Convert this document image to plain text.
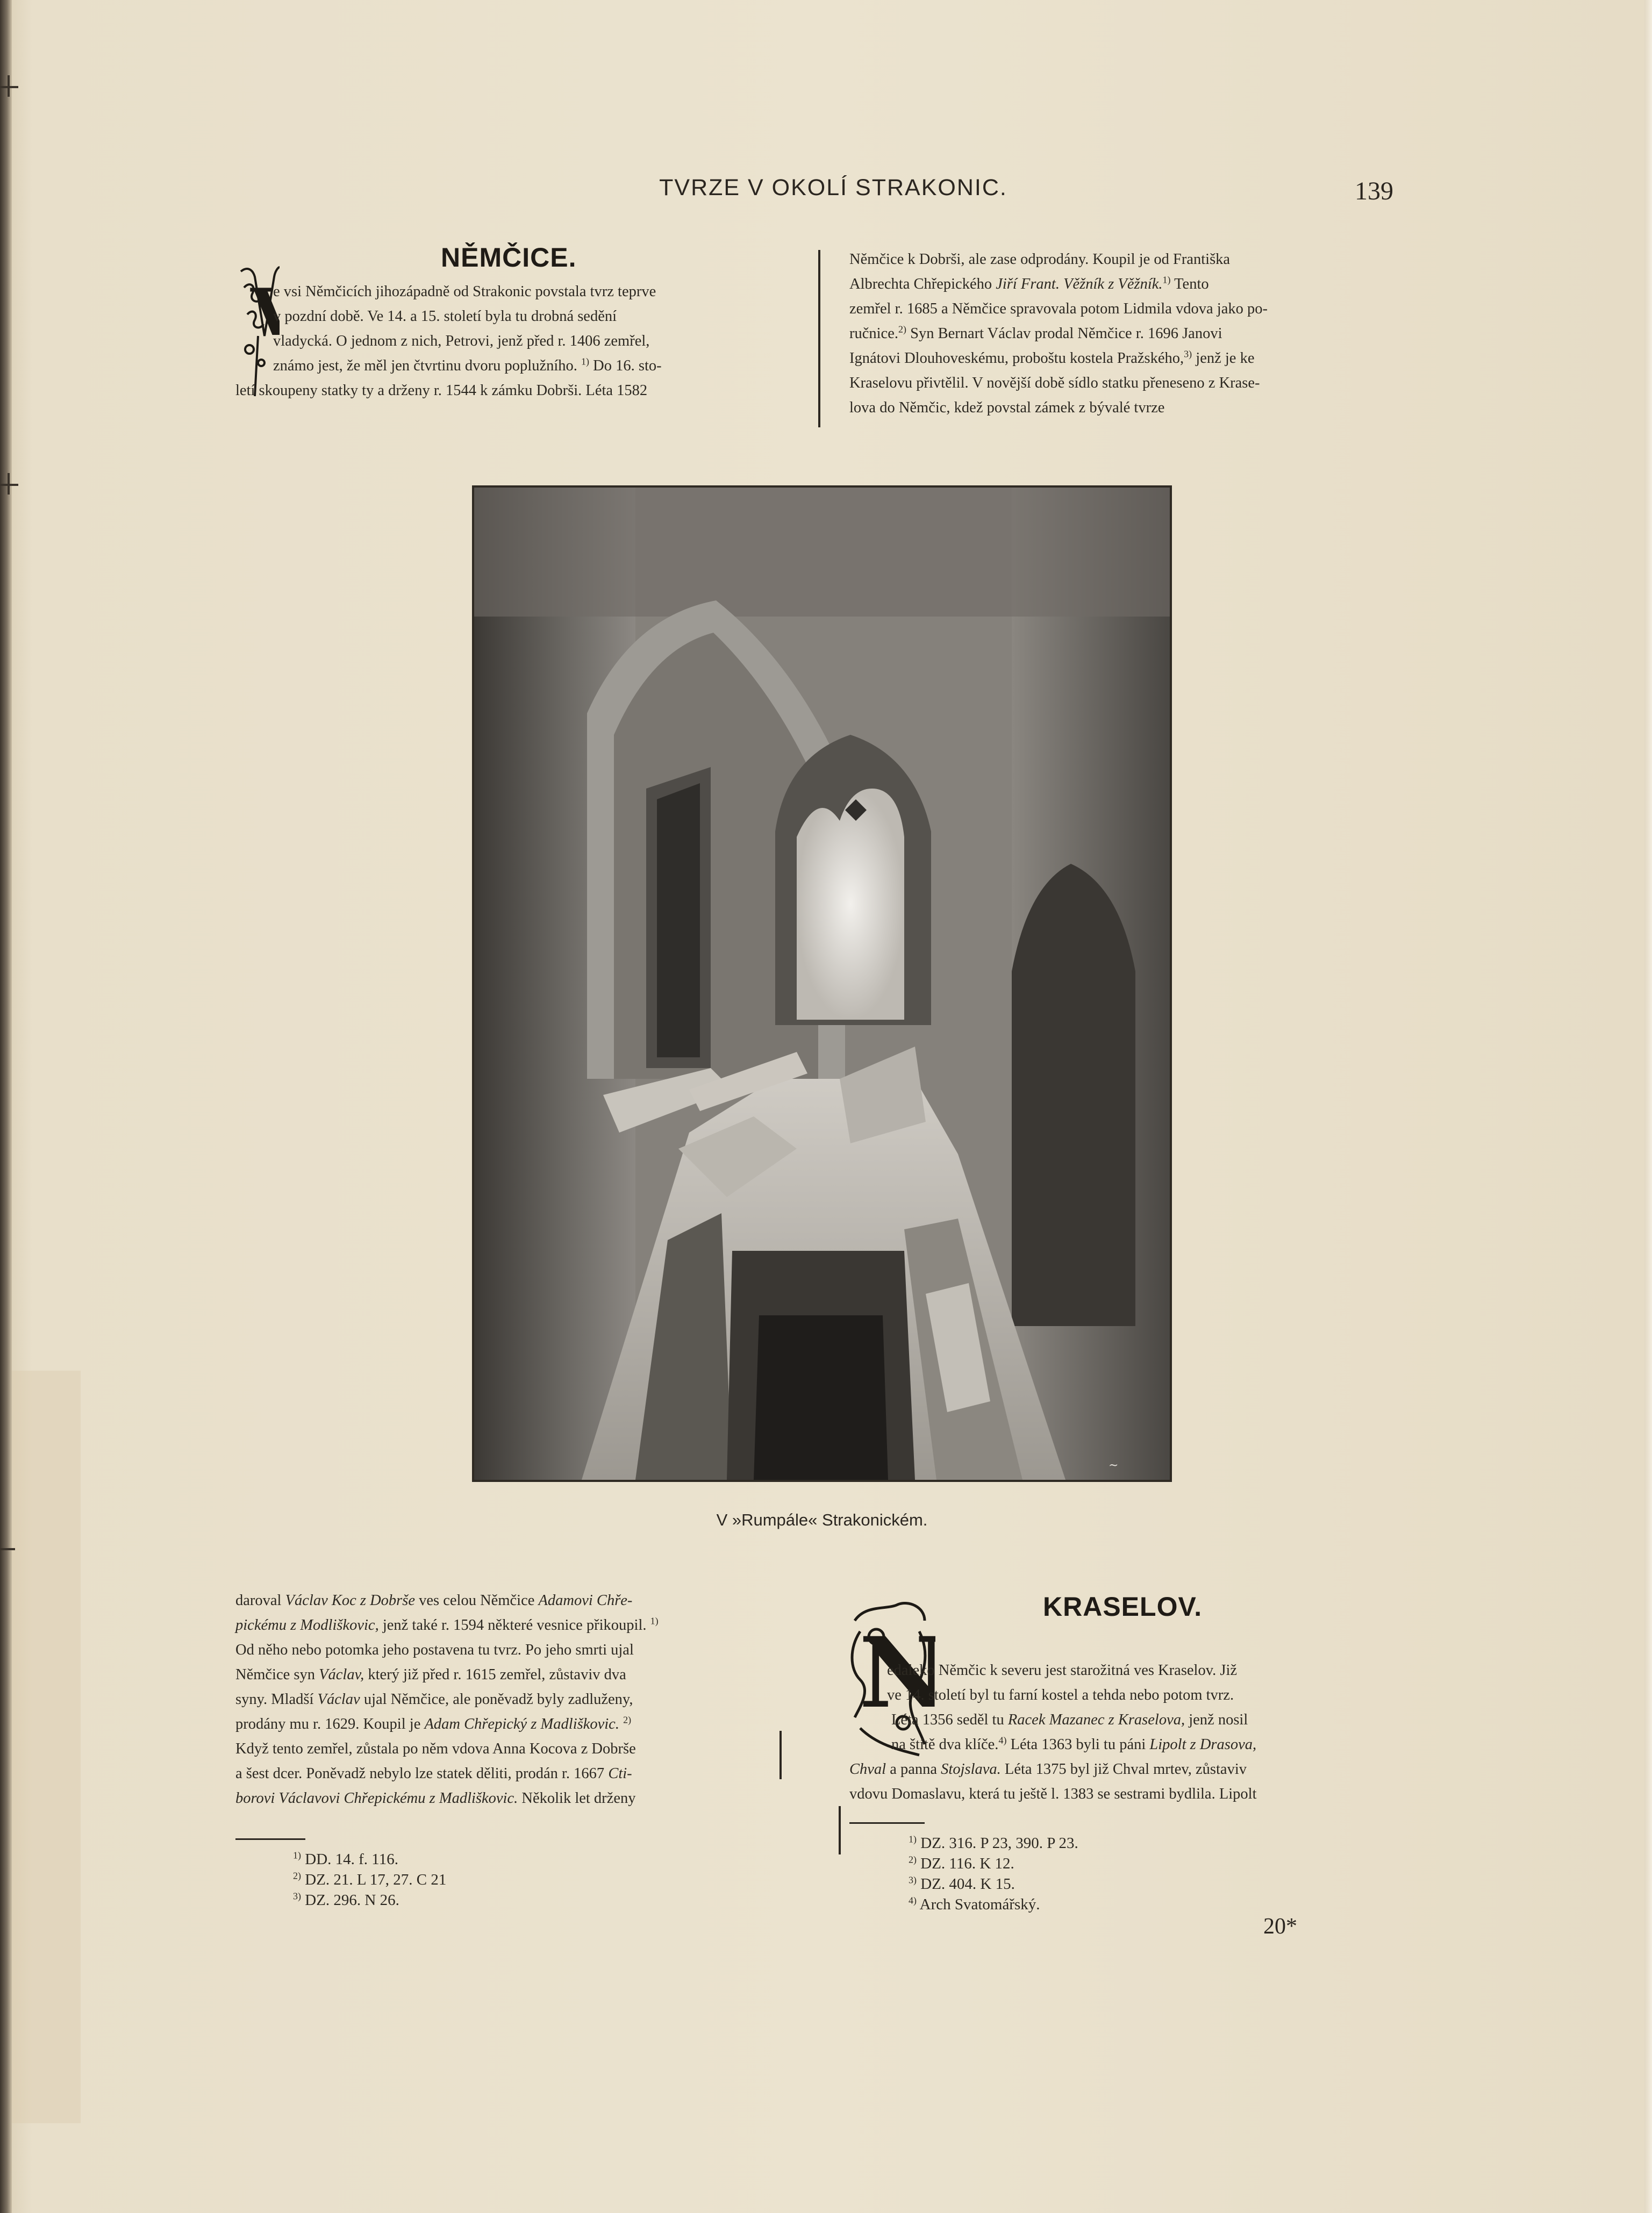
TVRZE V OKOLÍ STRAKONIC.	139
NĚMČICE.
V

e vsi Němčicích jihozápadně od Strakonic povstala tvrz teprve

v pozdní době. Ve 14. a 15. století byla tu drobná sedění

vladycká. O jednom z nich, Petrovi, jenž před r. 1406 zemřel,

známo jest, že měl jen čtvrtinu dvoru poplužního. $^{1)}$ Do 16. sto-

letí skoupeny statky ty a drženy r. 1544 k zámku Dobrši. Léta 1582

Němčice k Dobrši, ale zase odprodány. Koupil je od Františka

Albrechta Chřepického Jiří Frant. Věžník z Věžník.$^{1)}$ Tento

zemřel r. 1685 a Němčice spravovala potom Lidmila vdova jako po-

ručnice.$^{2)}$ Syn Bernart Václav prodal Němčice r. 1696 Janovi

Ignátovi Dlouhoveskému, proboštu kostela Pražského,$^{3)}$ jenž je ke

Kraselovu přivtělil. V novější době sídlo statku přeneseno z Krase-

lova do Němčic, kdež povstal zámek z bývalé tvrze

~
V »Rumpále« Strakonickém.

daroval Václav Koc z Dobrše ves celou Němčice Adamovi Chře-

pickému z Modliškovic, jenž také r. 1594 některé vesnice přikoupil. $^{1)}$

Od něho nebo potomka jeho postavena tu tvrz. Po jeho smrti ujal

Němčice syn Václav, který již před r. 1615 zemřel, zůstaviv dva

syny. Mladší Václav ujal Němčice, ale poněvadž byly zadluženy,

prodány mu r. 1629. Koupil je Adam Chřepický z Madliškovic. $^{2)}$

Když tento zemřel, zůstala po něm vdova Anna Kocova z Dobrše

a šest dcer. Poněvadž nebylo lze statek děliti, prodán r. 1667 Cti-

borovi Václavovi Chřepickému z Madliškovic. Několik let drženy

$^{1)}$ DD. 14. f. 116.
$^{2)}$ DZ. 21. L 17, 27. C 21
$^{3)}$ DZ. 296. N 26.
KRASELOV.
N

edaleko Němčic k severu jest starožitná ves Kraselov. Již

ve 14. století byl tu farní kostel a tehda nebo potom tvrz.

Léta 1356 seděl tu Racek Mazanec z Kraselova, jenž nosil

na štítě dva klíče.$^{4)}$ Léta 1363 byli tu páni Lipolt z Drasova,

Chval a panna Stojslava. Léta 1375 byl již Chval mrtev, zůstaviv

vdovu Domaslavu, která tu ještě l. 1383 se sestrami bydlila. Lipolt

$^{1)}$ DZ. 316. P 23, 390. P 23.
$^{2)}$ DZ. 116. K 12.
$^{3)}$ DZ. 404. K 15.
$^{4)}$ Arch Svatomářský.
20*
